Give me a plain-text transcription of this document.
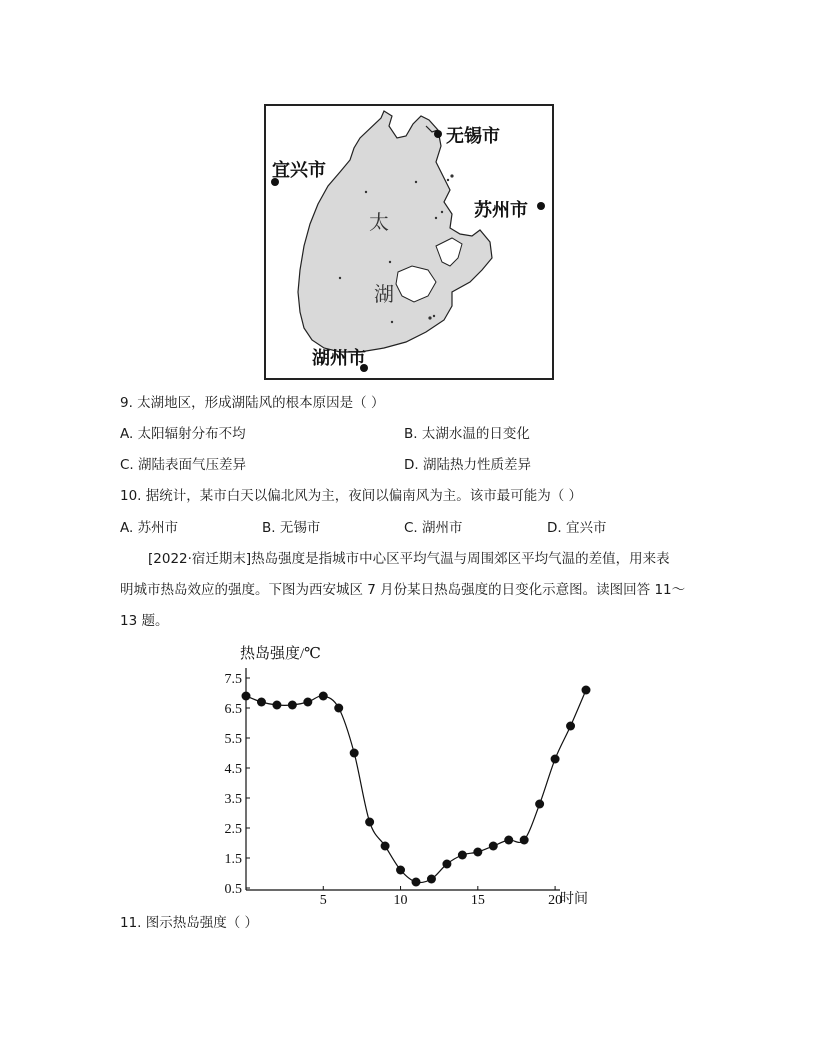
太
湖
无锡市
宜兴市
苏州市
湖州市
9. 太湖地区，形成湖陆风的根本原因是（ ）
A. 太阳辐射分布不均	B. 太湖水温的日变化
C. 湖陆表面气压差异	D. 湖陆热力性质差异
10. 据统计，某市白天以偏北风为主，夜间以偏南风为主。该市最可能为（ ）
A. 苏州市	B. 无锡市	C. 湖州市	D. 宜兴市
[2022·宿迁期末]热岛强度是指城市中心区平均气温与周围郊区平均气温的差值，用来表
明城市热岛效应的强度。下图为西安城区 7 月份某日热岛强度的日变化示意图。读图回答 11～
13 题。
热岛强度/℃
7.5
6.5
5.5
4.5
3.5
2.5
1.5
0.5
5	10	15	20
时间
11. 图示热岛强度（ ）
